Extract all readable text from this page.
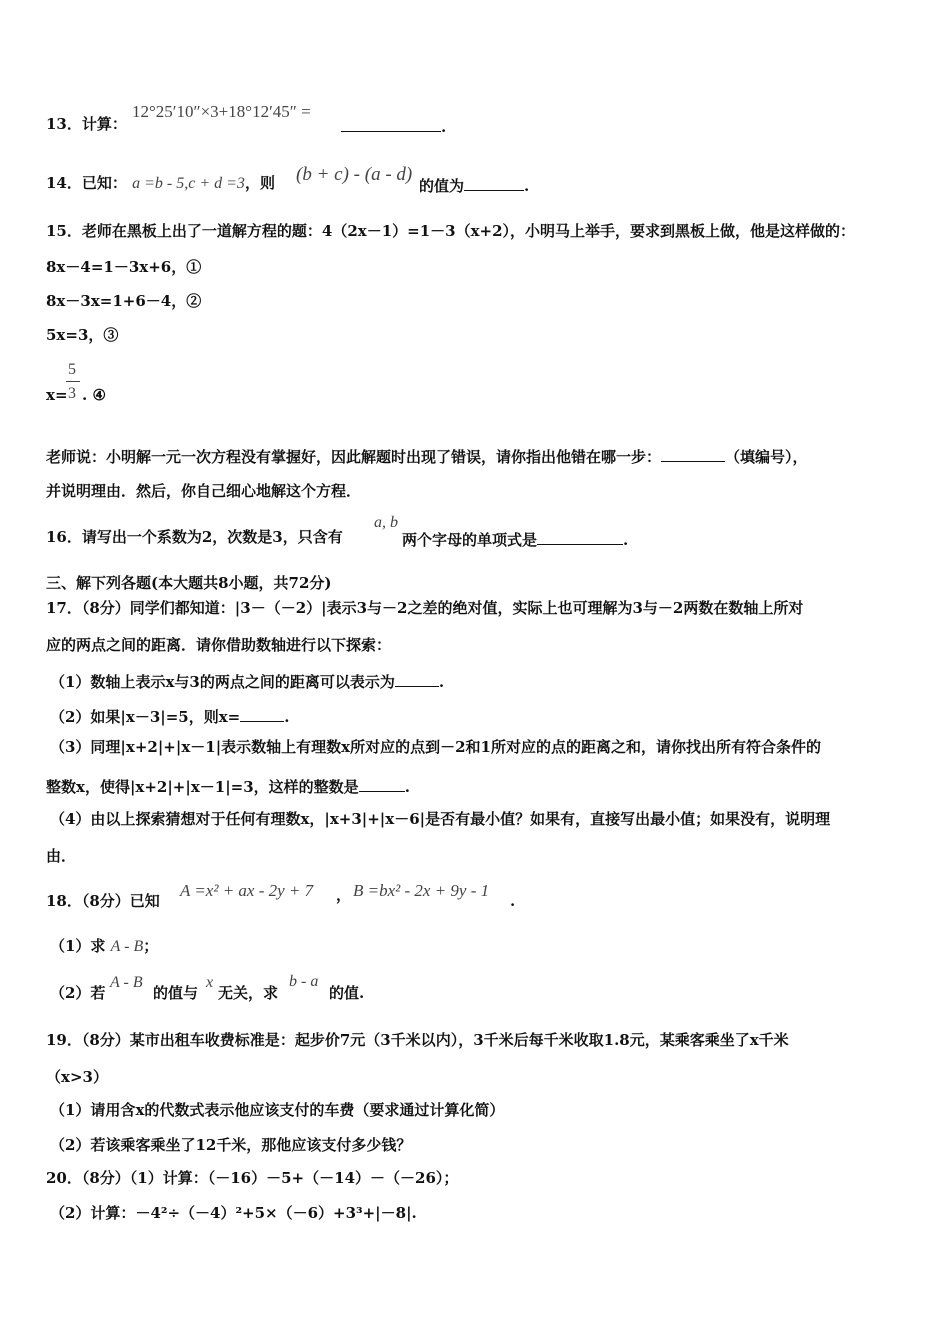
13．计算：
12°25′10″×3+18°12′45″ =
.
14．已知： a =b - 5,c + d =3，则 (b + c) - (a - d)
的值为	.
15．老师在黑板上出了一道解方程的题：4（2x－1）=1－3（x+2），小明马上举手，要求到黑板上做，他是这样做的：
8x－4=1－3x+6，①
8x－3x=1+6－4，②
5x=3，③
x=
5
3 . ④
老师说：小明解一元一次方程没有掌握好，因此解题时出现了错误，请你指出他错在哪一步：	（填编号），
并说明理由．然后，你自己细心地解这个方程．
16．请写出一个系数为2，次数是3，只含有
a, b
两个字母的单项式是	.
三、解下列各题(本大题共8小题，共72分)
17．（8分）同学们都知道：|3－（－2）|表示3与－2之差的绝对值，实际上也可理解为3与－2两数在数轴上所对
应的两点之间的距离．请你借助数轴进行以下探索：
（1）数轴上表示x与3的两点之间的距离可以表示为	.
（2）如果|x－3|=5，则x=	.
（3）同理|x+2|+|x－1|表示数轴上有理数x所对应的点到－2和1所对应的点的距离之和，请你找出所有符合条件的
整数x，使得|x+2|+|x－1|=3，这样的整数是	.
（4）由以上探索猜想对于任何有理数x，|x+3|+|x－6|是否有最小值？如果有，直接写出最小值；如果没有，说明理
由．
18．（8分）已知
A =x² + ax - 2y + 7 ， B =bx² - 2x + 9y - 1
.
（1）求 A - B；
（2）若
A - B
的值与
x
无关，求
b - a
的值.
19．（8分）某市出租车收费标准是：起步价7元（3千米以内），3千米后每千米收取1.8元，某乘客乘坐了x千米
（x>3）
（1）请用含x的代数式表示他应该支付的车费（要求通过计算化简）
（2）若该乘客乘坐了12千米，那他应该支付多少钱？
20．（8分）（1）计算：（－16）－5+（－14）－（－26）；
（2）计算：－4²÷（－4）²+5×（－6）+3³+|－8|.
